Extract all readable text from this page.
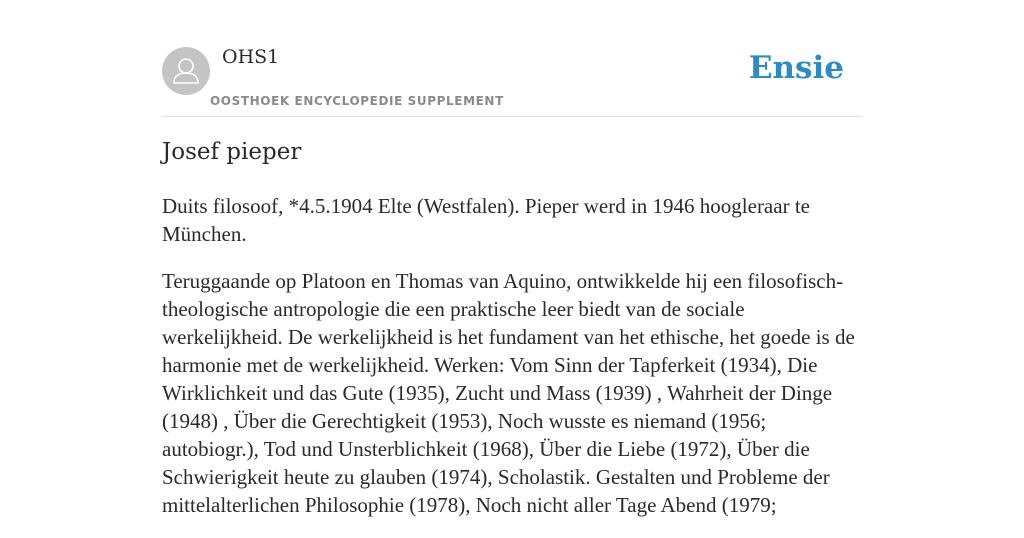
OHS1
OOSTHOEK ENCYCLOPEDIE SUPPLEMENT
Ensie
Josef pieper

Duits filosoof, *4.5.1904 Elte (Westfalen). Pieper werd in 1946 hoogleraar te München.

Teruggaande op Platoon en Thomas van Aquino, ontwikkelde hij een filosofisch-theologische antropologie die een praktische leer biedt van de sociale werkelijkheid. De werkelijkheid is het fundament van het ethische, het goede is de harmonie met de werkelijkheid. Werken: Vom Sinn der Tapferkeit (1934), Die Wirklichkeit und das Gute (1935), Zucht und Mass (1939) , Wahrheit der Dinge (1948) , Über die Gerechtigkeit (1953), Noch wusste es niemand (1956; autobiogr.), Tod und Unsterblichkeit (1968), Über die Liebe (1972), Über die Schwierigkeit heute zu glauben (1974), Scholastik. Gestalten und Probleme der mittelalterlichen Philosophie (1978), Noch nicht aller Tage Abend (1979;
